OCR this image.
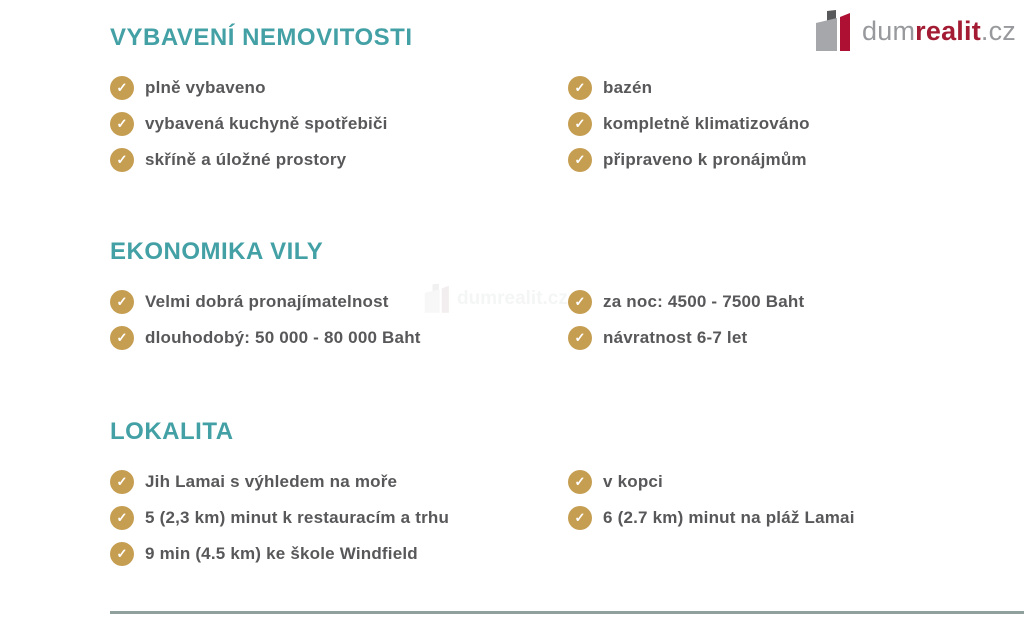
dumrealit.cz
dumrealit.cz
VYBAVENÍ NEMOVITOSTI
✓	plně vybaveno
✓	vybavená kuchyně spotřebiči
✓	skříně a úložné prostory
✓	bazén
✓	kompletně klimatizováno
✓	připraveno k pronájmům
EKONOMIKA VILY
✓	Velmi dobrá pronajímatelnost
✓	dlouhodobý: 50 000 - 80 000 Baht
✓	za noc: 4500 - 7500 Baht
✓	návratnost 6-7 let
LOKALITA
✓	Jih Lamai s výhledem na moře
✓	5 (2,3 km) minut k restauracím a trhu
✓	9 min (4.5 km) ke škole Windfield
✓	v kopci
✓	6 (2.7 km) minut na pláž Lamai
